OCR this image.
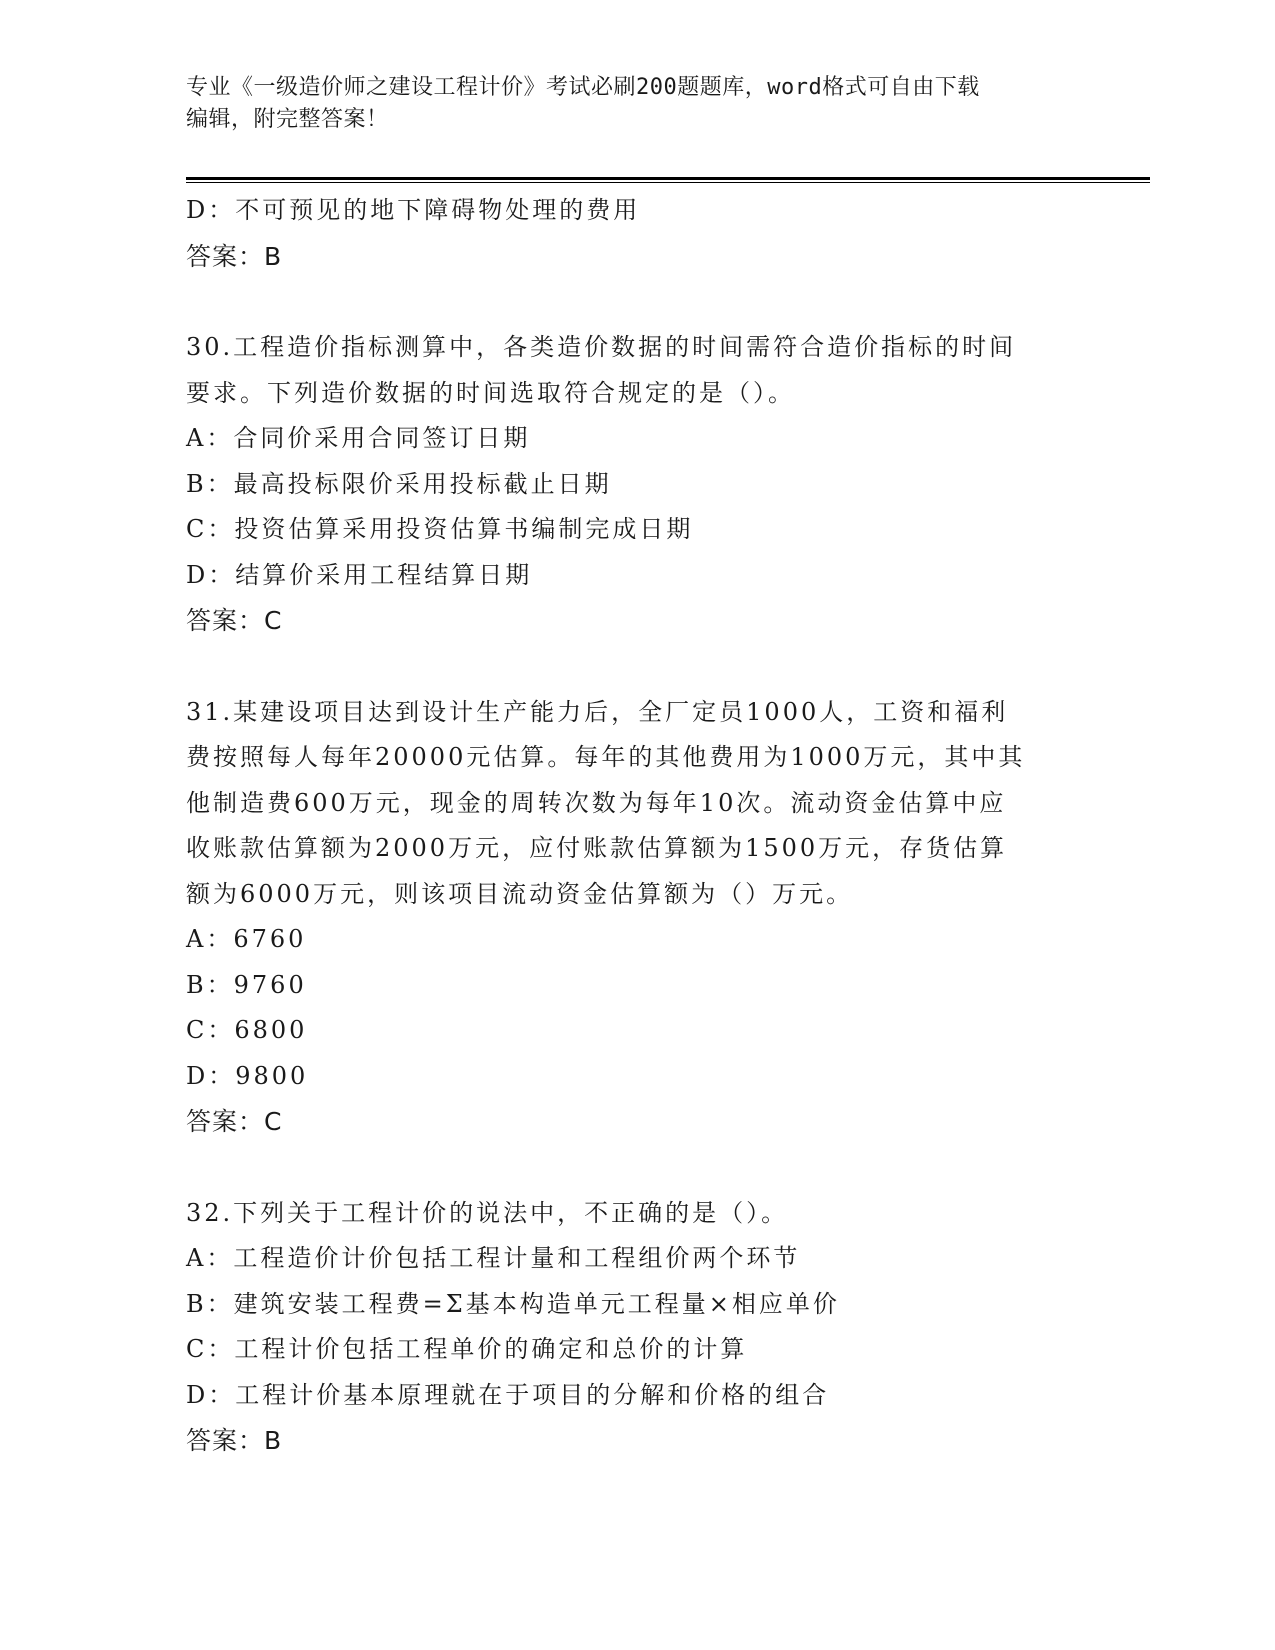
专业《一级造价师之建设工程计价》考试必刷200题题库，word格式可自由下载
编辑，附完整答案！
D：不可预见的地下障碍物处理的费用
答案：B
30.工程造价指标测算中，各类造价数据的时间需符合造价指标的时间
要求。下列造价数据的时间选取符合规定的是（）。
A：合同价采用合同签订日期
B：最高投标限价采用投标截止日期
C：投资估算采用投资估算书编制完成日期
D：结算价采用工程结算日期
答案：C
31.某建设项目达到设计生产能力后，全厂定员1000人，工资和福利
费按照每人每年20000元估算。每年的其他费用为1000万元，其中其
他制造费600万元，现金的周转次数为每年10次。流动资金估算中应
收账款估算额为2000万元，应付账款估算额为1500万元，存货估算
额为6000万元，则该项目流动资金估算额为（）万元。
A：6760
B：9760
C：6800
D：9800
答案：C
32.下列关于工程计价的说法中，不正确的是（）。
A：工程造价计价包括工程计量和工程组价两个环节
B：建筑安装工程费=Σ基本构造单元工程量×相应单价
C：工程计价包括工程单价的确定和总价的计算
D：工程计价基本原理就在于项目的分解和价格的组合
答案：B
